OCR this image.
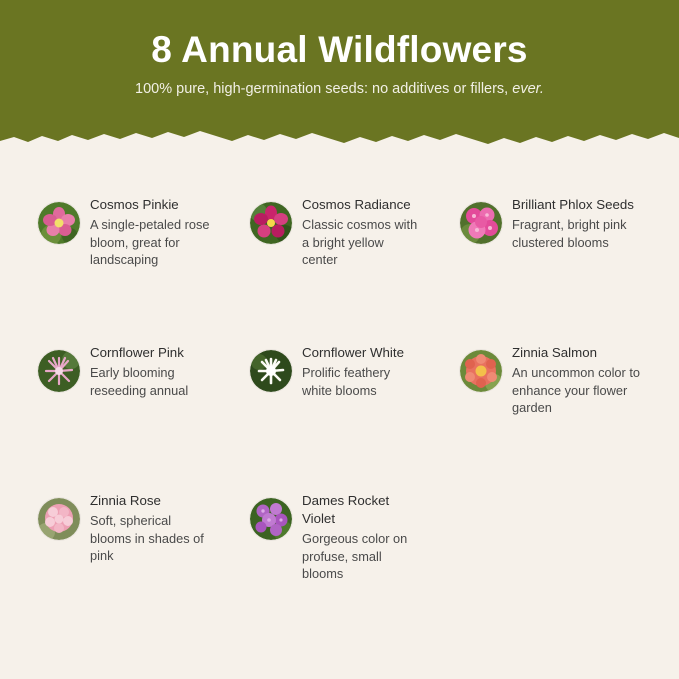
8 Annual Wildflowers
100% pure, high-germination seeds: no additives or fillers, ever.
Cosmos Pinkie
A single-petaled rose bloom, great for landscaping
Cosmos Radiance
Classic cosmos with a bright yellow center
Brilliant Phlox Seeds
Fragrant, bright pink clustered blooms
Cornflower Pink
Early blooming reseeding annual
Cornflower White
Prolific feathery white blooms
Zinnia Salmon
An uncommon color to enhance your flower garden
Zinnia Rose
Soft, spherical blooms in shades of pink
Dames Rocket Violet
Gorgeous color on profuse, small blooms
